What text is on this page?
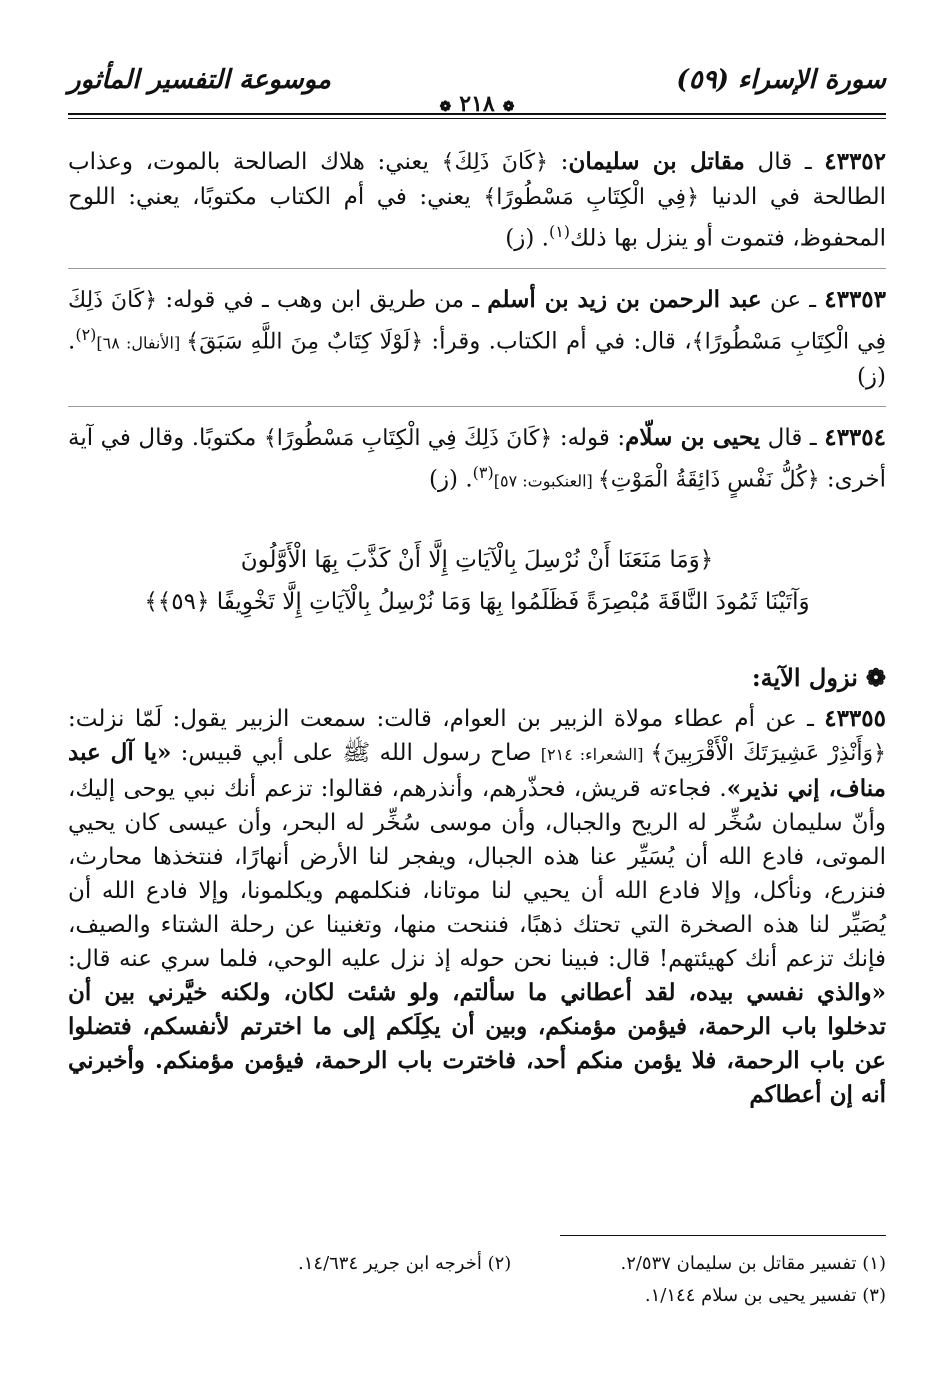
سورة الإسراء (٥٩)
موسوعة التفسير المأثور
❁٢١٨❁

٤٣٣٥٢ ـ قال مقاتل بن سليمان: ﴿كَانَ ذَلِكَ﴾ يعني: هلاك الصالحة بالموت، وعذاب الطالحة في الدنيا ﴿فِي الْكِتَابِ مَسْطُورًا﴾ يعني: في أم الكتاب مكتوبًا، يعني: اللوح المحفوظ، فتموت أو ينزل بها ذلك$^{(١)}$. (ز)

٤٣٣٥٣ ـ عن عبد الرحمن بن زيد بن أسلم ـ من طريق ابن وهب ـ في قوله: ﴿كَانَ ذَلِكَ فِي الْكِتَابِ مَسْطُورًا﴾، قال: في أم الكتاب. وقرأ: ﴿لَوْلَا كِتَابٌ مِنَ اللَّهِ سَبَقَ﴾ [الأنفال: ٦٨]$^{(٢)}$. (ز)

٤٣٣٥٤ ـ قال يحيى بن سلّام: قوله: ﴿كَانَ ذَلِكَ فِي الْكِتَابِ مَسْطُورًا﴾ مكتوبًا. وقال في آية أخرى: ﴿كُلُّ نَفْسٍ ذَائِقَةُ الْمَوْتِ﴾ [العنكبوت: ٥٧]$^{(٣)}$. (ز)

﴿وَمَا مَنَعَنَا أَنْ نُرْسِلَ بِالْآيَاتِ إِلَّا أَنْ كَذَّبَ بِهَا الْأَوَّلُونَ
وَآتَيْنَا ثَمُودَ النَّاقَةَ مُبْصِرَةً فَظَلَمُوا بِهَا وَمَا نُرْسِلُ بِالْآيَاتِ إِلَّا تَخْوِيفًا ﴿٥٩﴾﴾
❁نزول الآية:

٤٣٣٥٥ ـ عن أم عطاء مولاة الزبير بن العوام، قالت: سمعت الزبير يقول: لَمّا نزلت: ﴿وَأَنْذِرْ عَشِيرَتَكَ الْأَقْرَبِينَ﴾ [الشعراء: ٢١٤] صاح رسول الله ﷺ على أبي قبيس: «يا آل عبد مناف، إني نذير». فجاءته قريش، فحذّرهم، وأنذرهم، فقالوا: تزعم أنك نبي يوحى إليك، وأنّ سليمان سُخِّر له الريح والجبال، وأن موسى سُخِّر له البحر، وأن عيسى كان يحيي الموتى، فادع الله أن يُسَيِّر عنا هذه الجبال، ويفجر لنا الأرض أنهارًا، فنتخذها محارث، فنزرع، ونأكل، وإلا فادع الله أن يحيي لنا موتانا، فنكلمهم ويكلمونا، وإلا فادع الله أن يُصَيِّر لنا هذه الصخرة التي تحتك ذهبًا، فننحت منها، وتغنينا عن رحلة الشتاء والصيف، فإنك تزعم أنك كهيئتهم! قال: فبينا نحن حوله إذ نزل عليه الوحي، فلما سري عنه قال: «والذي نفسي بيده، لقد أعطاني ما سألتم، ولو شئت لكان، ولكنه خيَّرني بين أن تدخلوا باب الرحمة، فيؤمن مؤمنكم، وبين أن يكِلَكم إلى ما اخترتم لأنفسكم، فتضلوا عن باب الرحمة، فلا يؤمن منكم أحد، فاخترت باب الرحمة، فيؤمن مؤمنكم. وأخبرني أنه إن أعطاكم

(١) تفسير مقاتل بن سليمان ٢/٥٣٧.
(٢) أخرجه ابن جرير ١٤/٦٣٤.
(٣) تفسير يحيى بن سلام ١/١٤٤.
